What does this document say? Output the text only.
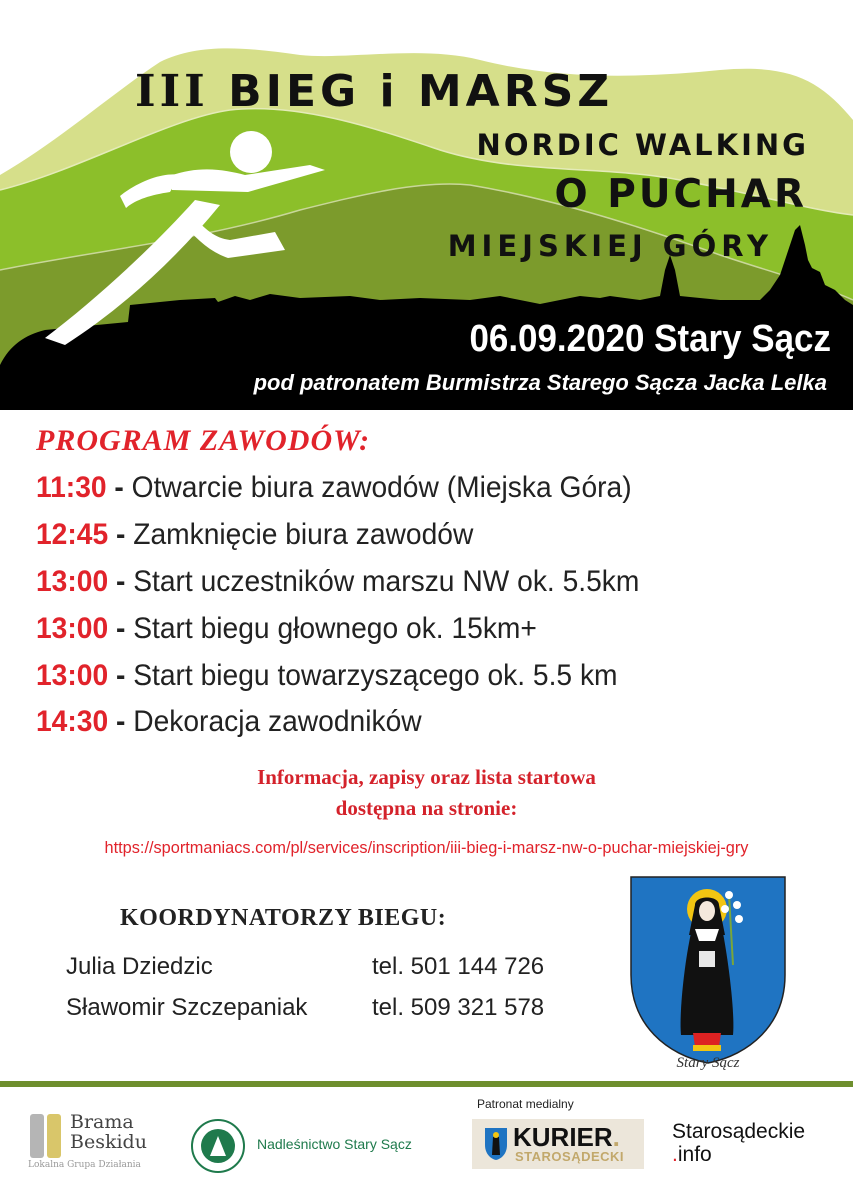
III BIEG i MARSZ
NORDIC WALKING
O PUCHAR
MIEJSKIEJ GÓRY
06.09.2020 Stary Sącz
pod patronatem Burmistrza Starego Sącza Jacka Lelka
PROGRAM ZAWODÓW:
11:30 - Otwarcie biura zawodów (Miejska Góra)
12:45 - Zamknięcie biura zawodów
13:00 - Start uczestników marszu NW ok. 5.5km
13:00 - Start biegu głownego ok. 15km+
13:00 - Start biegu towarzyszącego ok. 5.5 km
14:30 - Dekoracja zawodników
Informacja, zapisy oraz lista startowa
dostępna na stronie:
https://sportmaniacs.com/pl/services/inscription/iii-bieg-i-marsz-nw-o-puchar-miejskiej-gry
KOORDYNATORZY BIEGU:
Julia Dziedzic	tel. 501 144 726
Sławomir Szczepaniak	tel. 509 321 578
Stary Sącz
Patronat medialny
Brama
Beskidu
Lokalna Grupa Działania
Nadleśnictwo Stary Sącz	KURIER.
STAROSĄDECKI
Starosądeckie
.info
